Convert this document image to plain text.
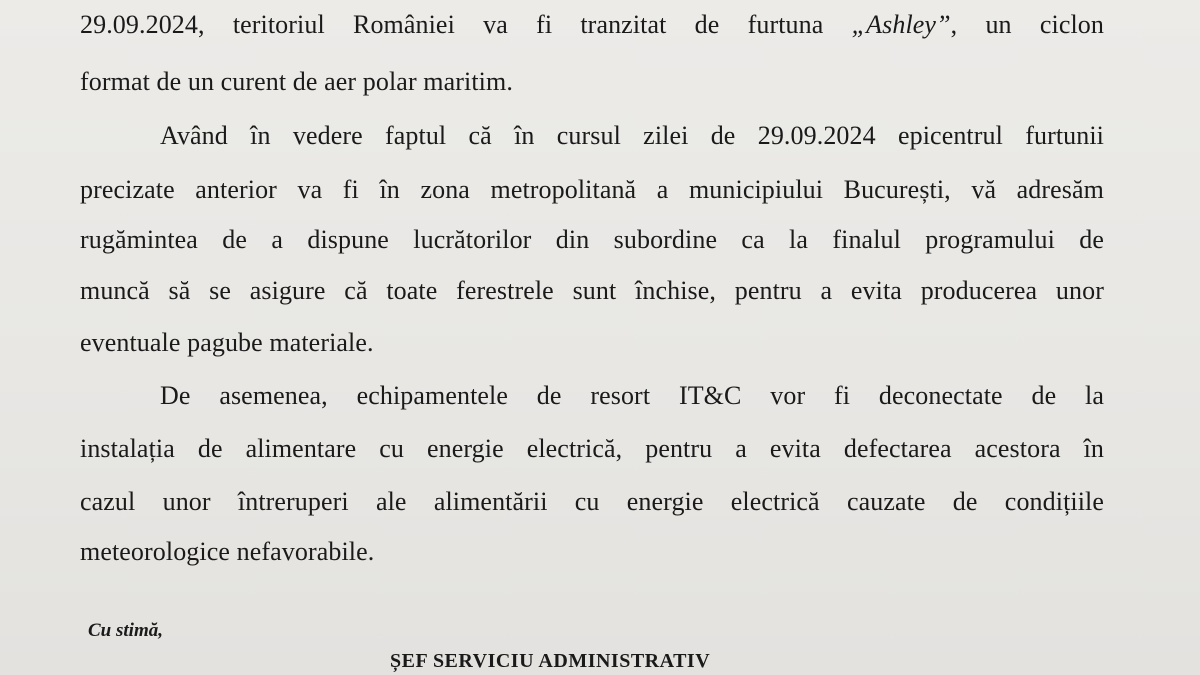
29.09.2024, teritoriul României va fi tranzitat de furtuna „Ashley”, un ciclon
format de un curent de aer polar maritim.
Având în vedere faptul că în cursul zilei de 29.09.2024 epicentrul furtunii
precizate anterior va fi în zona metropolitană a municipiului București, vă adresăm
rugămintea de a dispune lucrătorilor din subordine ca la finalul programului de
muncă să se asigure că toate ferestrele sunt închise, pentru a evita producerea unor
eventuale pagube materiale.
De asemenea, echipamentele de resort IT&C vor fi deconectate de la
instalația de alimentare cu energie electrică, pentru a evita defectarea acestora în
cazul unor întreruperi ale alimentării cu energie electrică cauzate de condițiile
meteorologice nefavorabile.
Cu stimă,
ȘEF SERVICIU ADMINISTRATIV
